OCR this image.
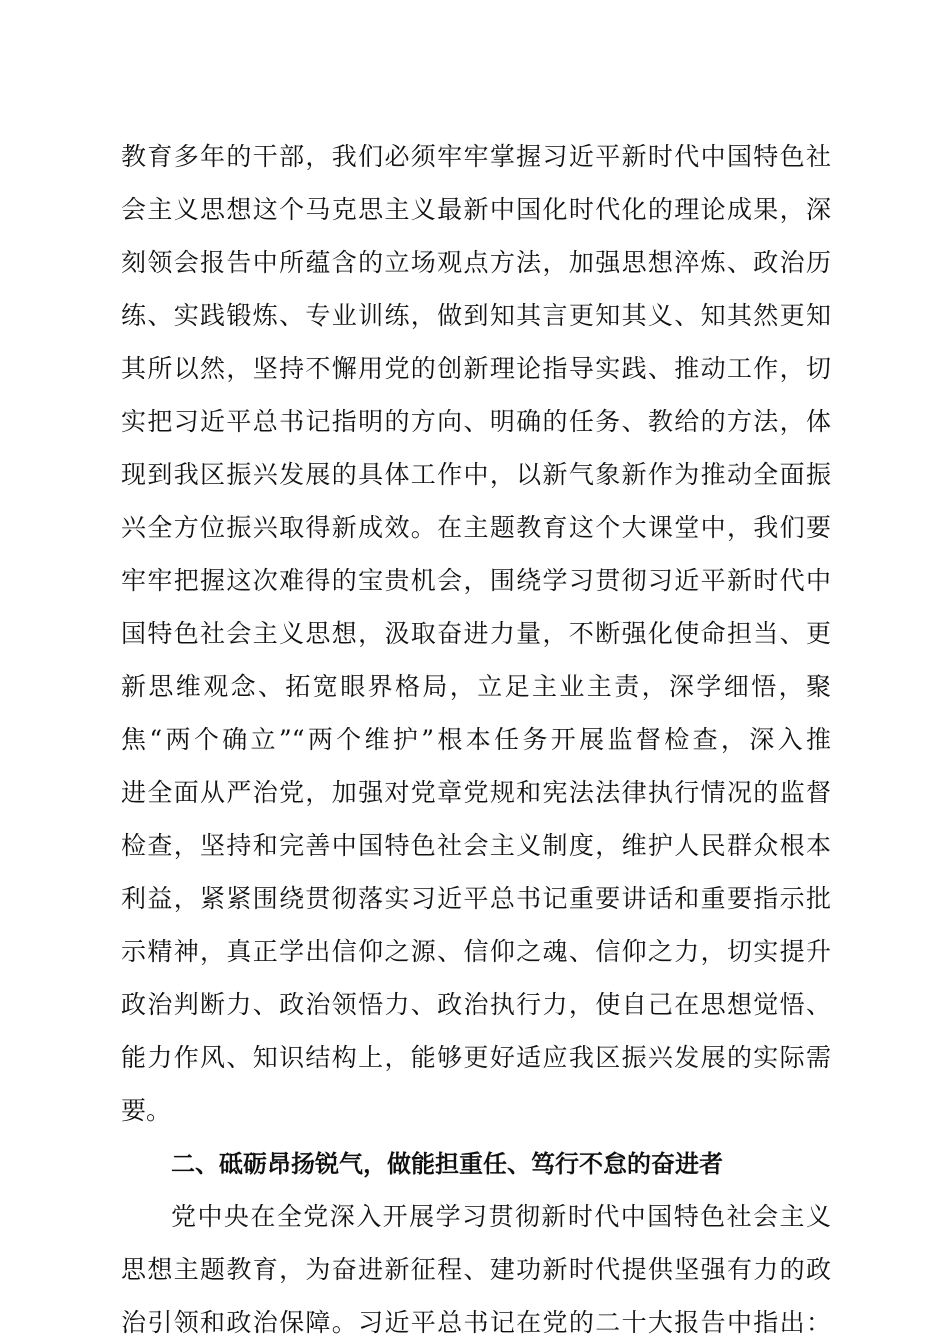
教育多年的干部，我们必须牢牢掌握习近平新时代中国特色社
会主义思想这个马克思主义最新中国化时代化的理论成果，深
刻领会报告中所蕴含的立场观点方法，加强思想淬炼、政治历
练、实践锻炼、专业训练，做到知其言更知其义、知其然更知
其所以然，坚持不懈用党的创新理论指导实践、推动工作，切
实把习近平总书记指明的方向、明确的任务、教给的方法，体
现到我区振兴发展的具体工作中，以新气象新作为推动全面振
兴全方位振兴取得新成效。在主题教育这个大课堂中，我们要
牢牢把握这次难得的宝贵机会，围绕学习贯彻习近平新时代中
国特色社会主义思想，汲取奋进力量，不断强化使命担当、更
新思维观念、拓宽眼界格局，立足主业主责，深学细悟，聚
焦“两个确立”“两个维护”根本任务开展监督检查，深入推
进全面从严治党，加强对党章党规和宪法法律执行情况的监督
检查，坚持和完善中国特色社会主义制度，维护人民群众根本
利益，紧紧围绕贯彻落实习近平总书记重要讲话和重要指示批
示精神，真正学出信仰之源、信仰之魂、信仰之力，切实提升
政治判断力、政治领悟力、政治执行力，使自己在思想觉悟、
能力作风、知识结构上，能够更好适应我区振兴发展的实际需
要。
二、砥砺昂扬锐气，做能担重任、笃行不怠的奋进者
党中央在全党深入开展学习贯彻新时代中国特色社会主义
思想主题教育，为奋进新征程、建功新时代提供坚强有力的政
治引领和政治保障。习近平总书记在党的二十大报告中指出：
